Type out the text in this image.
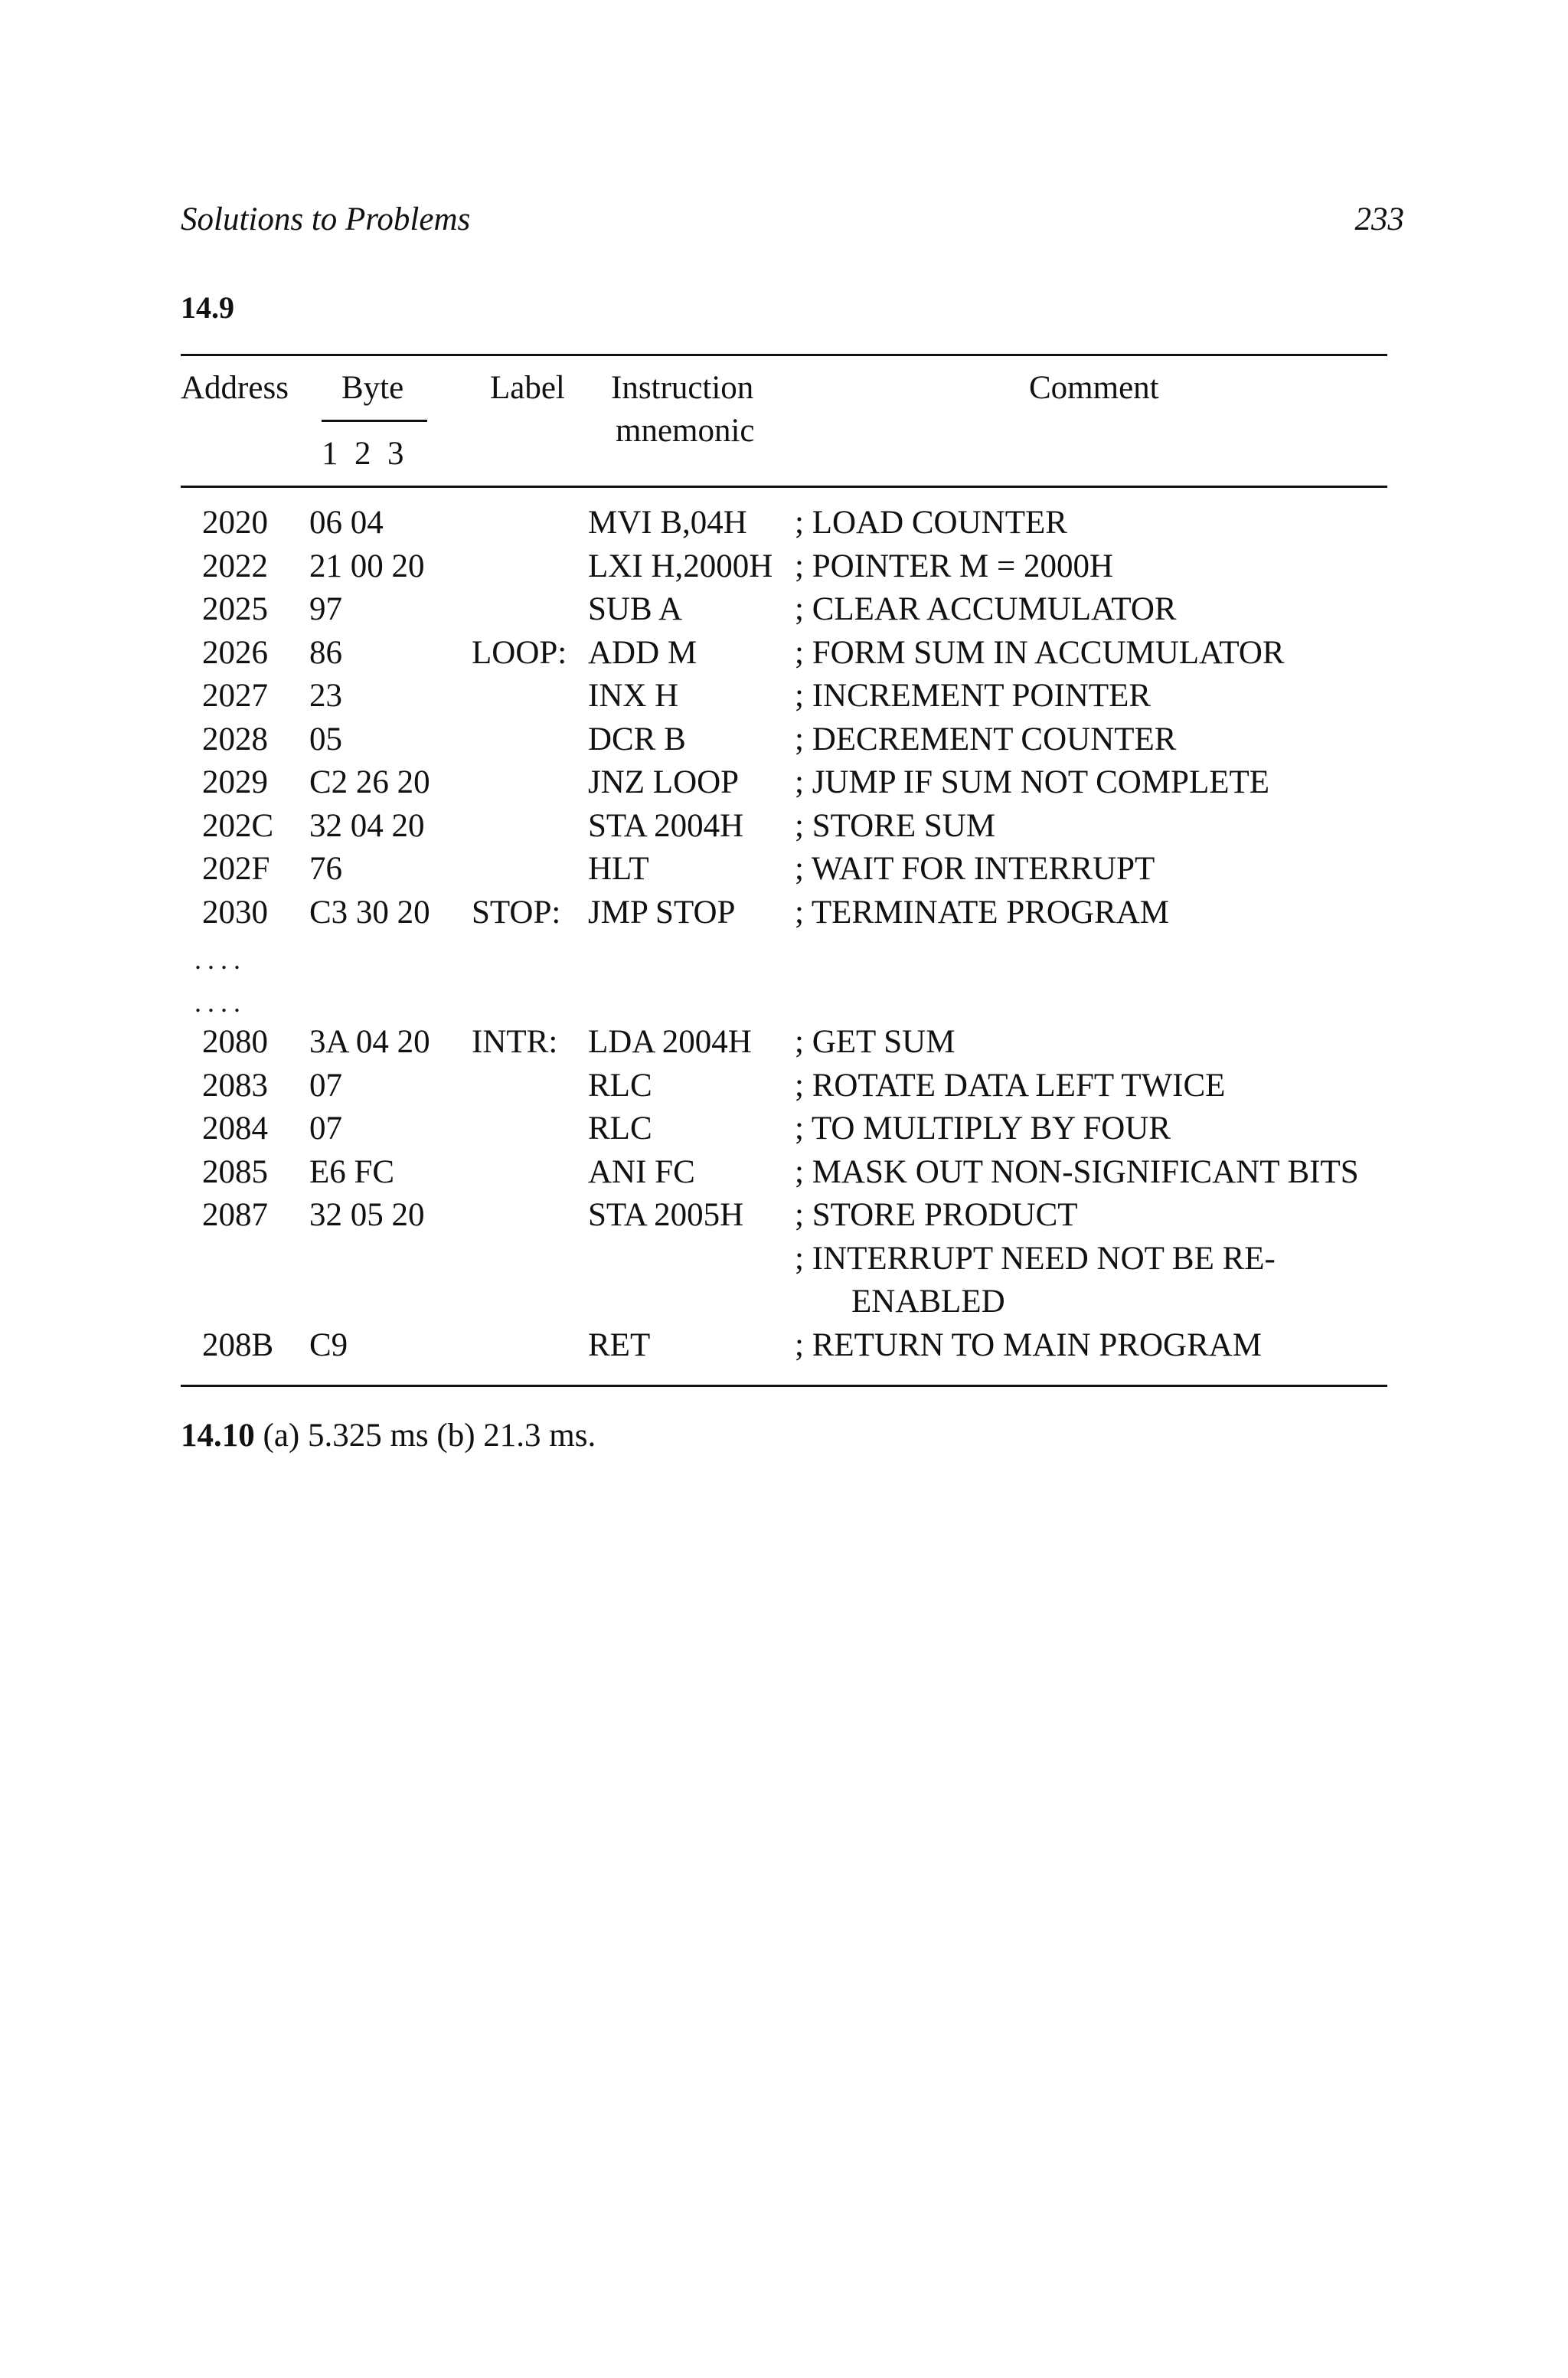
Solutions to Problems	233
14.9
Address Byte
1  2  3
Label Instruction
mnemonic
Comment
2020 06 04	MVI B,04H ; LOAD COUNTER
2022 21 00 20	LXI H,2000H ; POINTER M = 2000H
2025 97	SUB A	; CLEAR ACCUMULATOR
2026 86	LOOP: ADD M	; FORM SUM IN ACCUMULATOR
2027 23	INX H	; INCREMENT POINTER
2028 05	DCR B	; DECREMENT COUNTER
2029 C2 26 20	JNZ LOOP ; JUMP IF SUM NOT COMPLETE
202C 32 04 20	STA 2004H ; STORE SUM
202F 76	HLT	; WAIT FOR INTERRUPT
2030 C3 30 20 STOP: JMP STOP ; TERMINATE PROGRAM
....
....
2080 3A 04 20 INTR: LDA 2004H ; GET SUM
2083 07	RLC	; ROTATE DATA LEFT TWICE
2084 07	RLC	; TO MULTIPLY BY FOUR
2085 E6 FC	ANI FC	; MASK OUT NON-SIGNIFICANT BITS
2087 32 05 20	STA 2005H ; STORE PRODUCT
; INTERRUPT NEED NOT BE RE-
ENABLED
208B C9	RET	; RETURN TO MAIN PROGRAM
14.10 (a) 5.325 ms (b) 21.3 ms.
